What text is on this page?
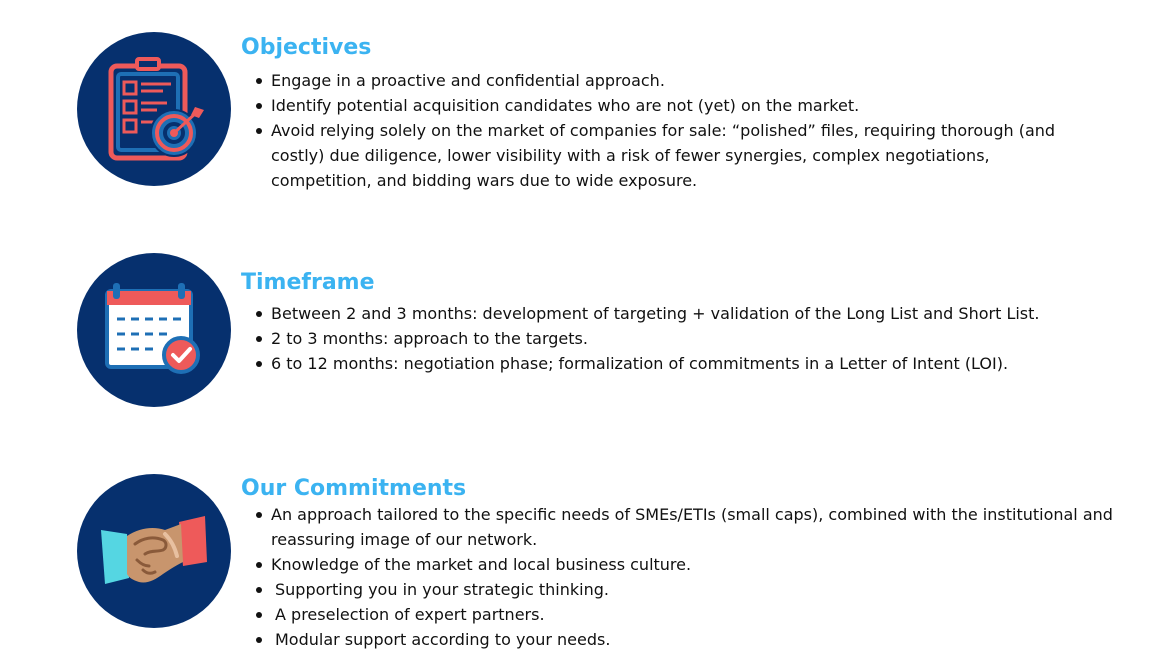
Objectives
Engage in a proactive and confidential approach.
Identify potential acquisition candidates who are not (yet) on the market.
Avoid relying solely on the market of companies for sale: “polished” files, requiring thorough (and costly) due diligence, lower visibility with a risk of fewer synergies, complex negotiations, competition, and bidding wars due to wide exposure.
Timeframe
Between 2 and 3 months: development of targeting + validation of the Long List and Short List.
2 to 3 months: approach to the targets.
6 to 12 months: negotiation phase; formalization of commitments in a Letter of Intent (LOI).
Our Commitments
An approach tailored to the specific needs of SMEs/ETIs (small caps), combined with the institutional and reassuring image of our network.
Knowledge of the market and local business culture.
Supporting you in your strategic thinking.
A preselection of expert partners.
Modular support according to your needs.
